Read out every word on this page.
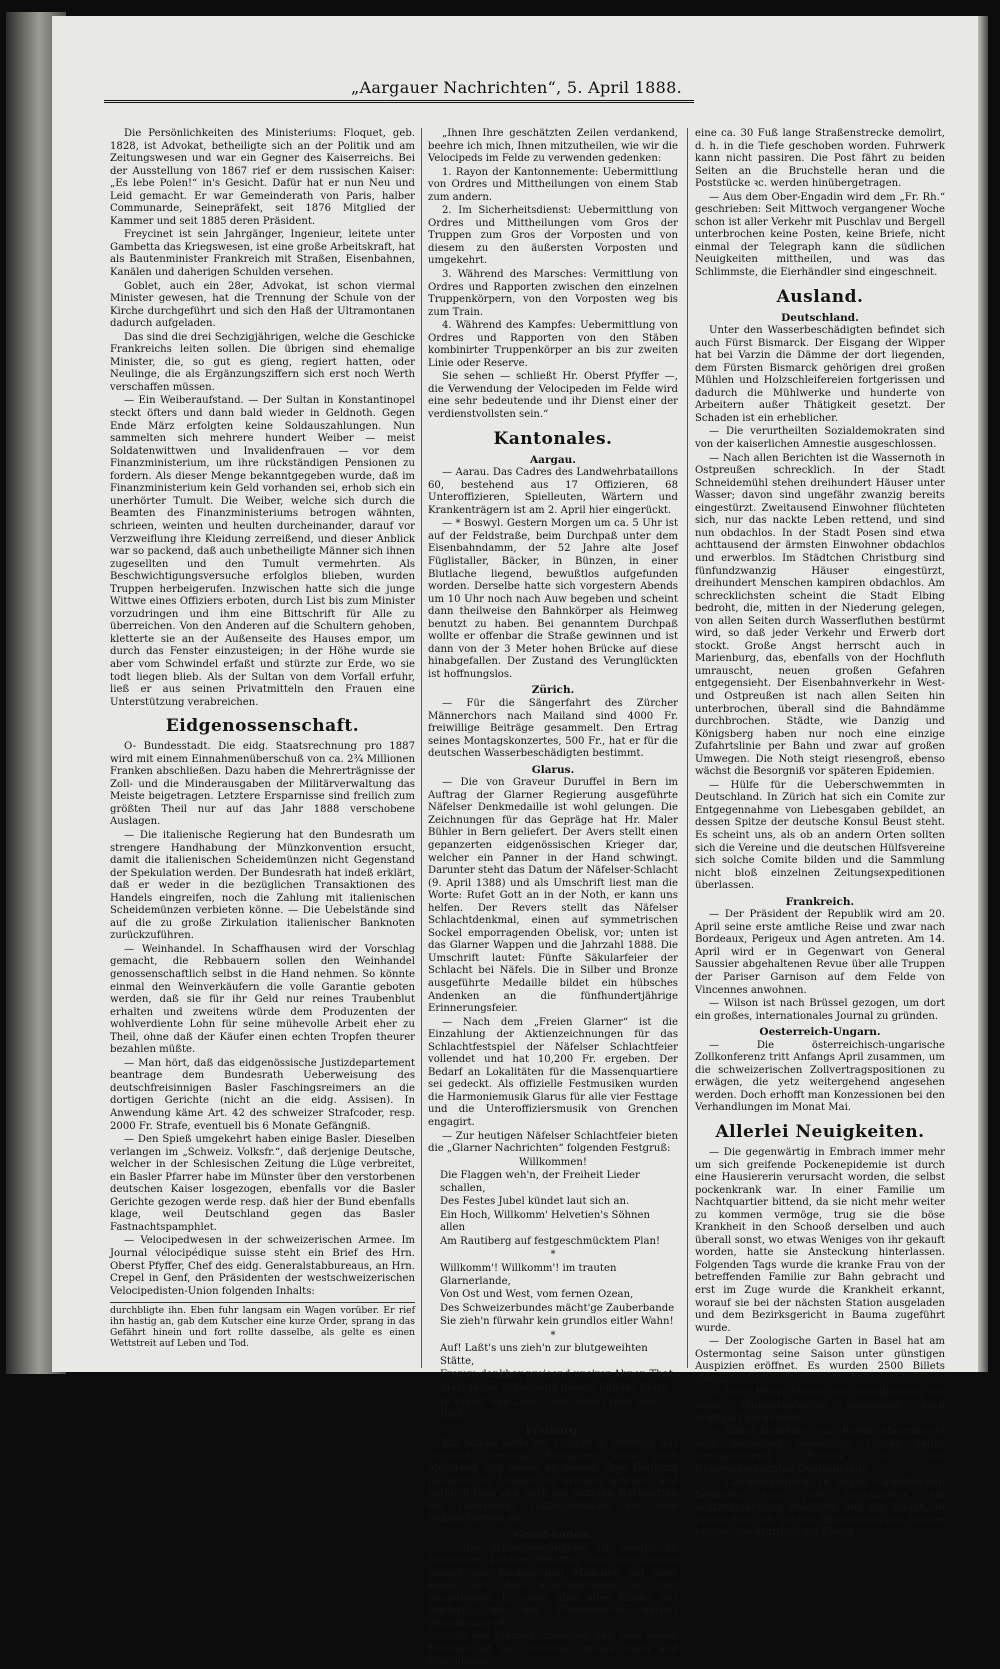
„Aargauer Nachrichten“, 5. April 1888.

Die Persönlichkeiten des Ministeriums: Floquet, geb. 1828, ist Advokat, betheiligte sich an der Politik und am Zeitungswesen und war ein Gegner des Kaiserreichs. Bei der Ausstellung von 1867 rief er dem russischen Kaiser: „Es lebe Polen!“ in's Gesicht. Dafür hat er nun Neu und Leid gemacht. Er war Gemeinderath von Paris, halber Communarde, Seinepräfekt, seit 1876 Mitglied der Kammer und seit 1885 deren Präsident.

Freycinet ist sein Jahrgänger, Ingenieur, leitete unter Gambetta das Kriegswesen, ist eine große Arbeitskraft, hat als Bautenminister Frankreich mit Straßen, Eisenbahnen, Kanälen und daherigen Schulden versehen.

Goblet, auch ein 28er, Advokat, ist schon viermal Minister gewesen, hat die Trennung der Schule von der Kirche durchgeführt und sich den Haß der Ultramontanen dadurch aufgeladen.

Das sind die drei Sechzigjährigen, welche die Geschicke Frankreichs leiten sollen. Die übrigen sind ehemalige Minister, die, so gut es gieng, regiert hatten, oder Neulinge, die als Ergänzungsziffern sich erst noch Werth verschaffen müssen.

— Ein Weiberaufstand. — Der Sultan in Konstantinopel steckt öfters und dann bald wieder in Geldnoth. Gegen Ende März erfolgten keine Soldauszahlungen. Nun sammelten sich mehrere hundert Weiber — meist Soldatenwittwen und Invalidenfrauen — vor dem Finanzministerium, um ihre rückständigen Pensionen zu fordern. Als dieser Menge bekanntgegeben wurde, daß im Finanzministerium kein Geld vorhanden sei, erhob sich ein unerhörter Tumult. Die Weiber, welche sich durch die Beamten des Finanzministeriums betrogen wähnten, schrieen, weinten und heulten durcheinander, darauf vor Verzweiflung ihre Kleidung zerreißend, und dieser Anblick war so packend, daß auch unbetheiligte Männer sich ihnen zugesellten und den Tumult vermehrten. Als Beschwichtigungsversuche erfolglos blieben, wurden Truppen herbeigerufen. Inzwischen hatte sich die junge Wittwe eines Offiziers erboten, durch List bis zum Minister vorzudringen und ihm eine Bittschrift für Alle zu überreichen. Von den Anderen auf die Schultern gehoben, kletterte sie an der Außenseite des Hauses empor, um durch das Fenster einzusteigen; in der Höhe wurde sie aber vom Schwindel erfaßt und stürzte zur Erde, wo sie todt liegen blieb. Als der Sultan von dem Vorfall erfuhr, ließ er aus seinen Privatmitteln den Frauen eine Unterstützung verabreichen.

Eidgenossenschaft.

O- Bundesstadt. Die eidg. Staatsrechnung pro 1887 wird mit einem Einnahmenüberschuß von ca. 2¾ Millionen Franken abschließen. Dazu haben die Mehrerträgnisse der Zoll- und die Minderausgaben der Militärverwaltung das Meiste beigetragen. Letztere Ersparnisse sind freilich zum größten Theil nur auf das Jahr 1888 verschobene Auslagen.

— Die italienische Regierung hat den Bundesrath um strengere Handhabung der Münzkonvention ersucht, damit die italienischen Scheidemünzen nicht Gegenstand der Spekulation werden. Der Bundesrath hat indeß erklärt, daß er weder in die bezüglichen Transaktionen des Handels eingreifen, noch die Zahlung mit italienischen Scheidemünzen verbieten könne. — Die Uebelstände sind auf die zu große Zirkulation italienischer Banknoten zurückzuführen.

— Weinhandel. In Schaffhausen wird der Vorschlag gemacht, die Rebbauern sollen den Weinhandel genossenschaftlich selbst in die Hand nehmen. So könnte einmal den Weinverkäufern die volle Garantie geboten werden, daß sie für ihr Geld nur reines Traubenblut erhalten und zweitens würde dem Produzenten der wohlverdiente Lohn für seine mühevolle Arbeit eher zu Theil, ohne daß der Käufer einen echten Tropfen theurer bezahlen müßte.

— Man hört, daß das eidgenössische Justizdepartement beantrage dem Bundesrath Ueberweisung des deutschfreisinnigen Basler Faschingsreimers an die dortigen Gerichte (nicht an die eidg. Assisen). In Anwendung käme Art. 42 des schweizer Strafcoder, resp. 2000 Fr. Strafe, eventuell bis 6 Monate Gefängniß.

— Den Spieß umgekehrt haben einige Basler. Dieselben verlangen im „Schweiz. Volksfr.“, daß derjenige Deutsche, welcher in der Schlesischen Zeitung die Lüge verbreitet, ein Basler Pfarrer habe im Münster über den verstorbenen deutschen Kaiser losgezogen, ebenfalls vor die Basler Gerichte gezogen werde resp. daß hier der Bund ebenfalls klage, weil Deutschland gegen das Basler Fastnachtspamphlet.

— Velocipedwesen in der schweizerischen Armee. Im Journal vélocipédique suisse steht ein Brief des Hrn. Oberst Pfyffer, Chef des eidg. Generalstabbureaus, an Hrn. Crepel in Genf, den Präsidenten der westschweizerischen Velocipedisten-Union folgenden Inhalts:

durchbligte ihn. Eben fuhr langsam ein Wagen vorüber. Er rief ihn hastig an, gab dem Kutscher eine kurze Order, sprang in das Gefährt hinein und fort rollte dasselbe, als gelte es einen Wettstreit auf Leben und Tod.

„Ihnen Ihre geschätzten Zeilen verdankend, beehre ich mich, Ihnen mitzutheilen, wie wir die Velocipeds im Felde zu verwenden gedenken:

1. Rayon der Kantonnemente: Uebermittlung von Ordres und Mittheilungen von einem Stab zum andern.

2. Im Sicherheitsdienst: Uebermittlung von Ordres und Mittheilungen vom Gros der Truppen zum Gros der Vorposten und von diesem zu den äußersten Vorposten und umgekehrt.

3. Während des Marsches: Vermittlung von Ordres und Rapporten zwischen den einzelnen Truppenkörpern, von den Vorposten weg bis zum Train.

4. Während des Kampfes: Uebermittlung von Ordres und Rapporten von den Stäben kombinirter Truppenkörper an bis zur zweiten Linie oder Reserve.

Sie sehen — schließt Hr. Oberst Pfyffer —, die Verwendung der Velocipeden im Felde wird eine sehr bedeutende und ihr Dienst einer der verdienstvollsten sein.“

Kantonales.
Aargau.

— Aarau. Das Cadres des Landwehrbataillons 60, bestehend aus 17 Offizieren, 68 Unteroffizieren, Spielleuten, Wärtern und Krankenträgern ist am 2. April hier eingerückt.

— * Boswyl. Gestern Morgen um ca. 5 Uhr ist auf der Feldstraße, beim Durchpaß unter dem Eisenbahndamm, der 52 Jahre alte Josef Füglistaller, Bäcker, in Bünzen, in einer Blutlache liegend, bewußtlos aufgefunden worden. Derselbe hatte sich vorgestern Abends um 10 Uhr noch nach Auw begeben und scheint dann theilweise den Bahnkörper als Heimweg benutzt zu haben. Bei genanntem Durchpaß wollte er offenbar die Straße gewinnen und ist dann von der 3 Meter hohen Brücke auf diese hinabgefallen. Der Zustand des Verunglückten ist hoffnungslos.

Zürich.

— Für die Sängerfahrt des Zürcher Männerchors nach Mailand sind 4000 Fr. freiwillige Beiträge gesammelt. Den Ertrag seines Montagskonzertes, 500 Fr., hat er für die deutschen Wasserbeschädigten bestimmt.

Glarus.

— Die von Graveur Duruffel in Bern im Auftrag der Glarner Regierung ausgeführte Näfelser Denkmedaille ist wohl gelungen. Die Zeichnungen für das Gepräge hat Hr. Maler Bühler in Bern geliefert. Der Avers stellt einen gepanzerten eidgenössischen Krieger dar, welcher ein Panner in der Hand schwingt. Darunter steht das Datum der Näfelser-Schlacht (9. April 1388) und als Umschrift liest man die Worte: Rufet Gott an in der Noth, er kann uns helfen. Der Revers stellt das Näfelser Schlachtdenkmal, einen auf symmetrischen Sockel emporragenden Obelisk, vor; unten ist das Glarner Wappen und die Jahrzahl 1888. Die Umschrift lautet: Fünfte Säkularfeier der Schlacht bei Näfels. Die in Silber und Bronze ausgeführte Medaille bildet ein hübsches Andenken an die fünfhundertjährige Erinnerungsfeier.

— Nach dem „Freien Glarner“ ist die Einzahlung der Aktienzeichnungen für das Schlachtfestspiel der Näfelser Schlachtfeier vollendet und hat 10,200 Fr. ergeben. Der Bedarf an Lokalitäten für die Massenquartiere sei gedeckt. Als offizielle Festmusiken wurden die Harmoniemusik Glarus für alle vier Festtage und die Unteroffiziersmusik von Grenchen engagirt.

— Zur heutigen Näfelser Schlachtfeier bieten die „Glarner Nachrichten“ folgenden Festgruß:

Willkommen!
Die Flaggen weh'n, der Freiheit Lieder schallen,
Des Festes Jubel kündet laut sich an.
Ein Hoch, Willkomm' Helvetien's Söhnen allen
Am Rautiberg auf festgeschmücktem Plan!
*
Willkomm'! Willkomm'! im trauten Glarnerlande,
Von Ost und West, vom fernen Ozean,
Des Schweizerbundes mächt'ge Zauberbande
Sie zieh'n fürwahr kein grundlos eitler Wahn!
*
Auf! Laßt's uns zieh'n zur blutgeweihten Stätte,
Fromm dankbar preisend uns'rer Ahnen That,
Stets fester schließend unsers Bundes Kette,
In Freud' und Leid — mit Gottes Hülf' und Rath!
Freiburg.

Ein Schalk hatte am 1. April in Freiburg das Gerücht, General Boulanger reise nach Montreux und werde an diesem Tage Freiburg passiren, in Umlauf zu bringen gewußt, und wirklich fand sich auch am Sonntag Nachmittag ein zahlreiches Gafferpublikum auf dem Bahnhofperron ein.

Graubünden.

— Die Schwabengängerei ist wieder im Schwunge. Letzten Dienstag sind eine schöne Anzahl von Knaben und Mädchen auf ihrer Reise nach dem Schwabenlande in Chur eingetroffen. Es seien aber alles Kinder aus Dörfern, wo die Winterschule bereits geschlossen ist.

— In der Viamala, zwischen den zwei hohen Brücken ist am Ostertag, infolge Stein und Eisschlages

eine ca. 30 Fuß lange Straßenstrecke demolirt, d. h. in die Tiefe geschoben worden. Fuhrwerk kann nicht passiren. Die Post fährt zu beiden Seiten an die Bruchstelle heran und die Poststücke ꝛc. werden hinübergetragen.

— Aus dem Ober-Engadin wird dem „Fr. Rh.“ geschrieben: Seit Mittwoch vergangener Woche schon ist aller Verkehr mit Puschlav und Bergell unterbrochen keine Posten, keine Briefe, nicht einmal der Telegraph kann die südlichen Neuigkeiten mittheilen, und was das Schlimmste, die Eierhändler sind eingeschneit.

Ausland.
Deutschland.

Unter den Wasserbeschädigten befindet sich auch Fürst Bismarck. Der Eisgang der Wipper hat bei Varzin die Dämme der dort liegenden, dem Fürsten Bismarck gehörigen drei großen Mühlen und Holzschleifereien fortgerissen und dadurch die Mühlwerke und hunderte von Arbeitern außer Thätigkeit gesetzt. Der Schaden ist ein erheblicher.

— Die verurtheilten Sozialdemokraten sind von der kaiserlichen Amnestie ausgeschlossen.

— Nach allen Berichten ist die Wassernoth in Ostpreußen schrecklich. In der Stadt Schneidemühl stehen dreihundert Häuser unter Wasser; davon sind ungefähr zwanzig bereits eingestürzt. Zweitausend Einwohner flüchteten sich, nur das nackte Leben rettend, und sind nun obdachlos. In der Stadt Posen sind etwa achttausend der ärmsten Einwohner obdachlos und erwerblos. Im Städtchen Christburg sind fünfundzwanzig Häuser eingestürzt, dreihundert Menschen kampiren obdachlos. Am schrecklichsten scheint die Stadt Elbing bedroht, die, mitten in der Niederung gelegen, von allen Seiten durch Wasserfluthen bestürmt wird, so daß jeder Verkehr und Erwerb dort stockt. Große Angst herrscht auch in Marienburg, das, ebenfalls von der Hochfluth umrauscht, neuen großen Gefahren entgegensieht. Der Eisenbahnverkehr in West- und Ostpreußen ist nach allen Seiten hin unterbrochen, überall sind die Bahndämme durchbrochen. Städte, wie Danzig und Königsberg haben nur noch eine einzige Zufahrtslinie per Bahn und zwar auf großen Umwegen. Die Noth steigt riesengroß, ebenso wächst die Besorgniß vor späteren Epidemien.

— Hülfe für die Ueberschwemmten in Deutschland. In Zürich hat sich ein Comite zur Entgegennahme von Liebesgaben gebildet, an dessen Spitze der deutsche Konsul Beust steht. Es scheint uns, als ob an andern Orten sollten sich die Vereine und die deutschen Hülfsvereine sich solche Comite bilden und die Sammlung nicht bloß einzelnen Zeitungsexpeditionen überlassen.

Frankreich.

— Der Präsident der Republik wird am 20. April seine erste amtliche Reise und zwar nach Bordeaux, Perigeux und Agen antreten. Am 14. April wird er in Gegenwart von General Saussier abgehaltenen Revue über alle Truppen der Pariser Garnison auf dem Felde von Vincennes anwohnen.

— Wilson ist nach Brüssel gezogen, um dort ein großes, internationales Journal zu gründen.

Oesterreich-Ungarn.

— Die österreichisch-ungarische Zollkonferenz tritt Anfangs April zusammen, um die schweizerischen Zollvertragspositionen zu erwägen, die yetz weitergehend angesehen werden. Doch erhofft man Konzessionen bei den Verhandlungen im Monat Mai.

Allerlei Neuigkeiten.

— Die gegenwärtig in Embrach immer mehr um sich greifende Pockenepidemie ist durch eine Hausiererin verursacht worden, die selbst pockenkrank war. In einer Familie um Nachtquartier bittend, da sie nicht mehr weiter zu kommen vermöge, trug sie die böse Krankheit in den Schooß derselben und auch überall sonst, wo etwas Weniges von ihr gekauft worden, hatte sie Ansteckung hinterlassen. Folgenden Tags wurde die kranke Frau von der betreffenden Familie zur Bahn gebracht und erst im Zuge wurde die Krankheit erkannt, worauf sie bei der nächsten Station ausgeladen und dem Bezirksgericht in Bauma zugeführt wurde.

— Der Zoologische Garten in Basel hat am Ostermontag seine Saison unter günstigen Auspizien eröffnet. Es wurden 2500 Billets gelöst.

— Herr Henri Moser von Schaffhausen hat seine ethnographische Sammlung nach Stuttgart ausgestellt.

— König Humberto von Italien übermittelte dem deutschen Gesandten, Grafen Solms vierzigtausend Francs an die Ueberschwemmten Deutschlands.

— Lawinenunglück. In Soglio (Graubünden) befanden sich zwei Geschwister, ein achtzehnjähriges Mädchen und ein Knabe, in einem Stall, als sie das Herannahen der Lawine hörten. Sie ergriffen die Flucht.
